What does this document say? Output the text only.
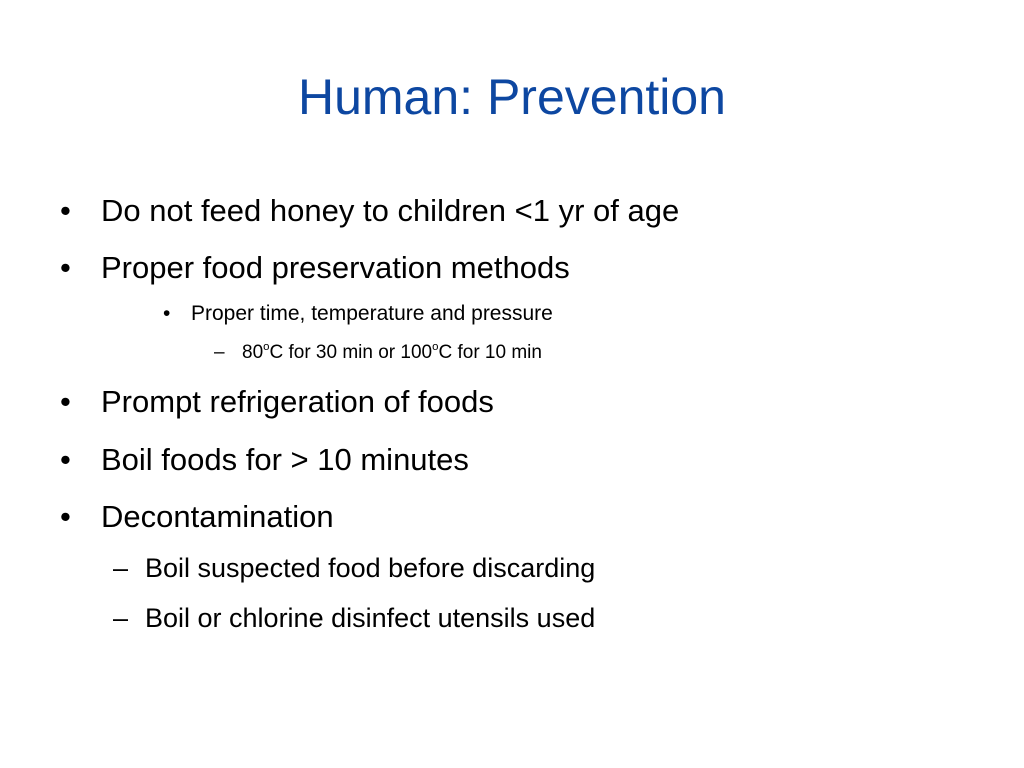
Human: Prevention
• Do not feed honey to children <1 yr of age
• Proper food preservation methods
• Proper time, temperature and pressure
– 80$^o$C for 30 min or 100$^o$C for 10 min
• Prompt refrigeration of foods
• Boil foods for > 10 minutes
• Decontamination
– Boil suspected food before discarding
– Boil or chlorine disinfect utensils used
